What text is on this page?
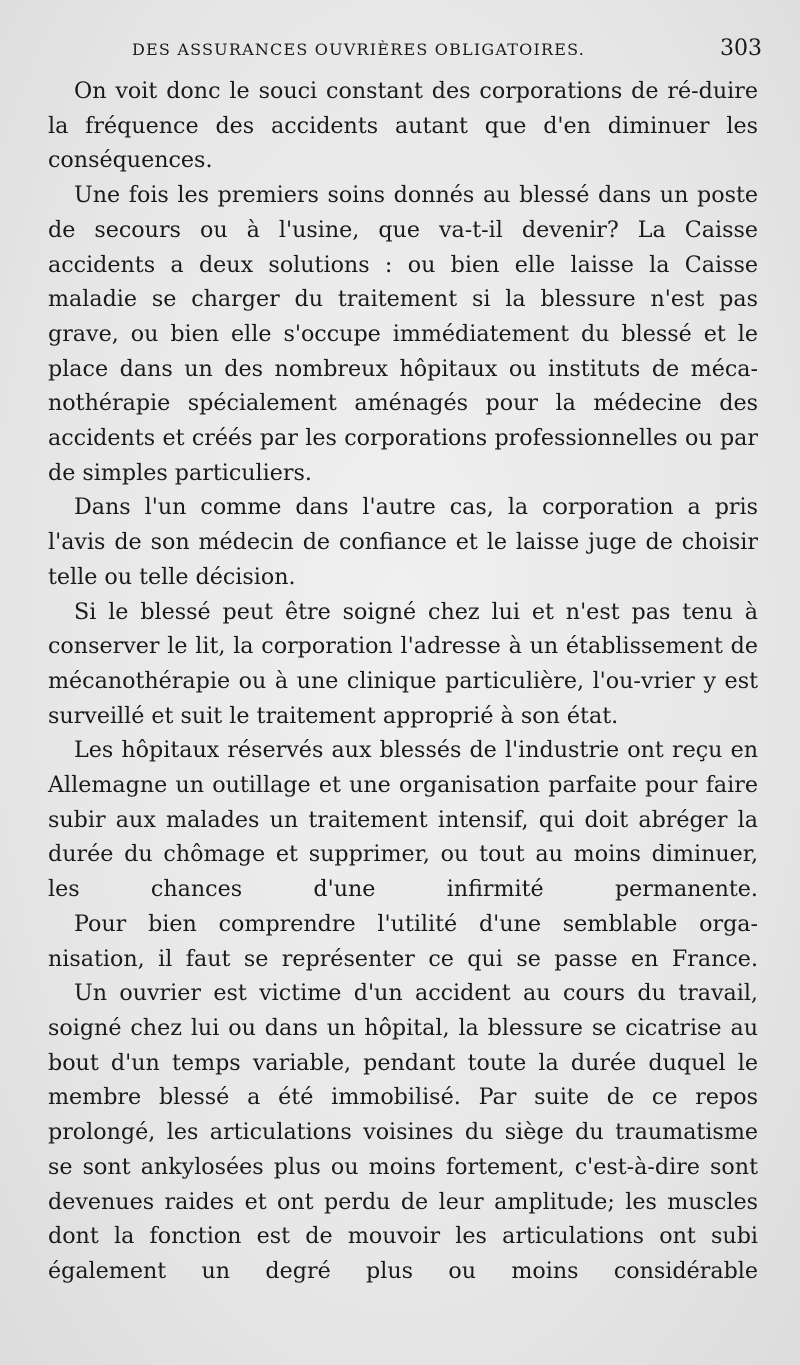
DES ASSURANCES OUVRIÈRES OBLIGATOIRES.	303

On voit donc le souci constant des corporations de ré-duire la fréquence des accidents autant que d'en diminuer les conséquences.

Une fois les premiers soins donnés au blessé dans un poste de secours ou à l'usine, que va-t-il devenir? La Caisse accidents a deux solutions : ou bien elle laisse la Caisse maladie se charger du traitement si la blessure n'est pas grave, ou bien elle s'occupe immédiatement du blessé et le place dans un des nombreux hôpitaux ou instituts de méca-nothérapie spécialement aménagés pour la médecine des accidents et créés par les corporations professionnelles ou par de simples particuliers.

Dans l'un comme dans l'autre cas, la corporation a pris l'avis de son médecin de confiance et le laisse juge de choisir telle ou telle décision.

Si le blessé peut être soigné chez lui et n'est pas tenu à conserver le lit, la corporation l'adresse à un établissement de mécanothérapie ou à une clinique particulière, l'ou-vrier y est surveillé et suit le traitement approprié à son état.

Les hôpitaux réservés aux blessés de l'industrie ont reçu en Allemagne un outillage et une organisation parfaite pour faire subir aux malades un traitement intensif, qui doit abréger la durée du chômage et supprimer, ou tout au moins diminuer, les chances d'une infirmité permanente.

Pour bien comprendre l'utilité d'une semblable orga-nisation, il faut se représenter ce qui se passe en France.

Un ouvrier est victime d'un accident au cours du travail, soigné chez lui ou dans un hôpital, la blessure se cicatrise au bout d'un temps variable, pendant toute la durée duquel le membre blessé a été immobilisé. Par suite de ce repos prolongé, les articulations voisines du siège du traumatisme se sont ankylosées plus ou moins fortement, c'est-à-dire sont devenues raides et ont perdu de leur amplitude; les muscles dont la fonction est de mouvoir les articulations ont subi également un degré plus ou moins considérable
